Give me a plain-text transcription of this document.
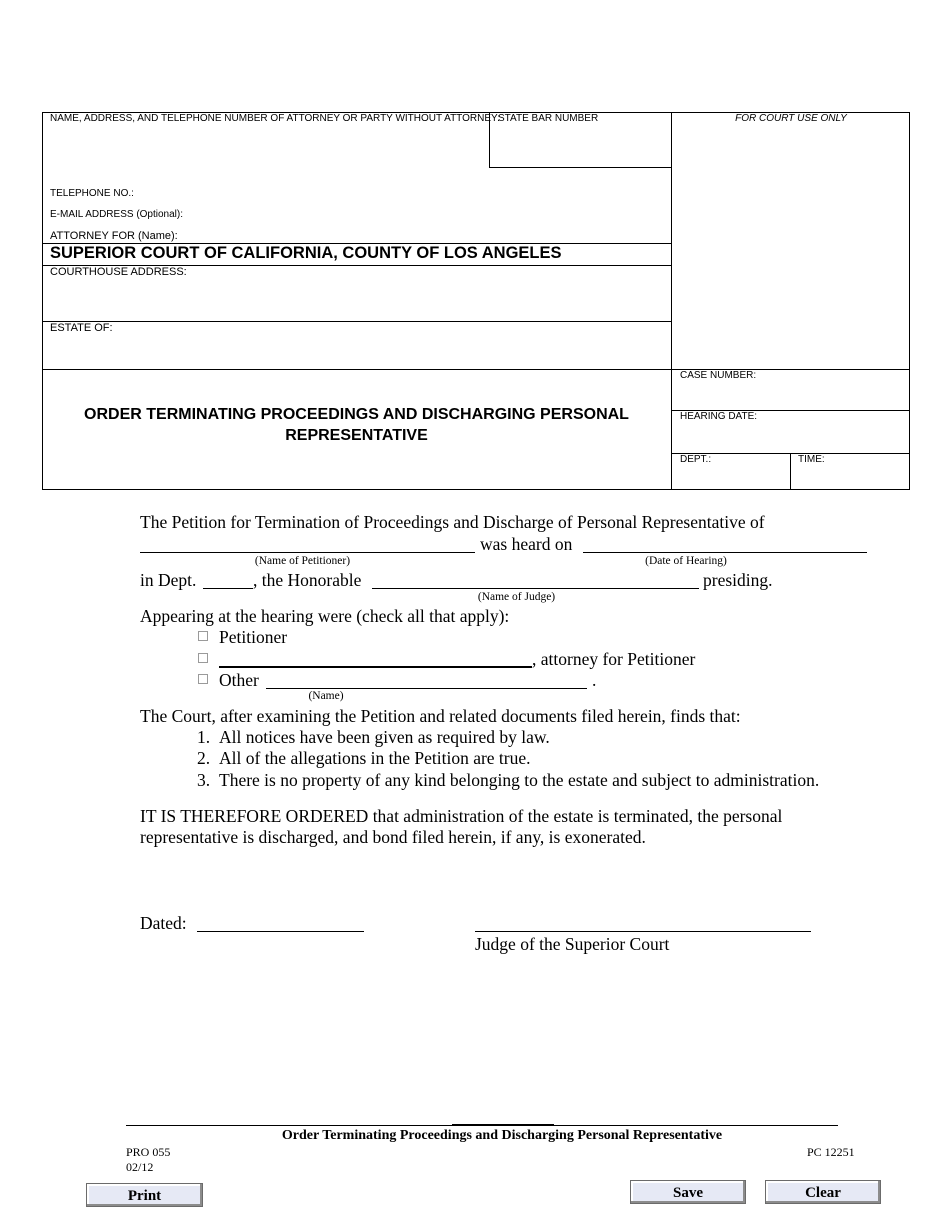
NAME, ADDRESS, AND TELEPHONE NUMBER OF ATTORNEY OR PARTY WITHOUT ATTORNEY:
STATE BAR NUMBER	FOR COURT USE ONLY
TELEPHONE NO.:
E-MAIL ADDRESS (Optional):
ATTORNEY FOR (Name):
SUPERIOR COURT OF CALIFORNIA, COUNTY OF LOS ANGELES
COURTHOUSE ADDRESS:
ESTATE OF:
ORDER TERMINATING PROCEEDINGS AND DISCHARGING PERSONAL
REPRESENTATIVE
CASE NUMBER:
HEARING DATE:
DEPT.:	TIME:
The Petition for Termination of Proceedings and Discharge of Personal Representative of
was heard on
(Name of Petitioner)	(Date of Hearing)
in Dept.	, the Honorable	presiding.
(Name of Judge)
Appearing at the hearing were (check all that apply):
Petitioner
, attorney for Petitioner
Other	.
(Name)
The Court, after examining the Petition and related documents filed herein, finds that:
1. All notices have been given as required by law.
2. All of the allegations in the Petition are true.
3. There is no property of any kind belonging to the estate and subject to administration.
IT IS THEREFORE ORDERED that administration of the estate is terminated, the personal
representative is discharged, and bond filed herein, if any, is exonerated.
Dated:
Judge of the Superior Court
Order Terminating Proceedings and Discharging Personal Representative
PRO 055
02/12
PC 12251
Print	Save	Clear
